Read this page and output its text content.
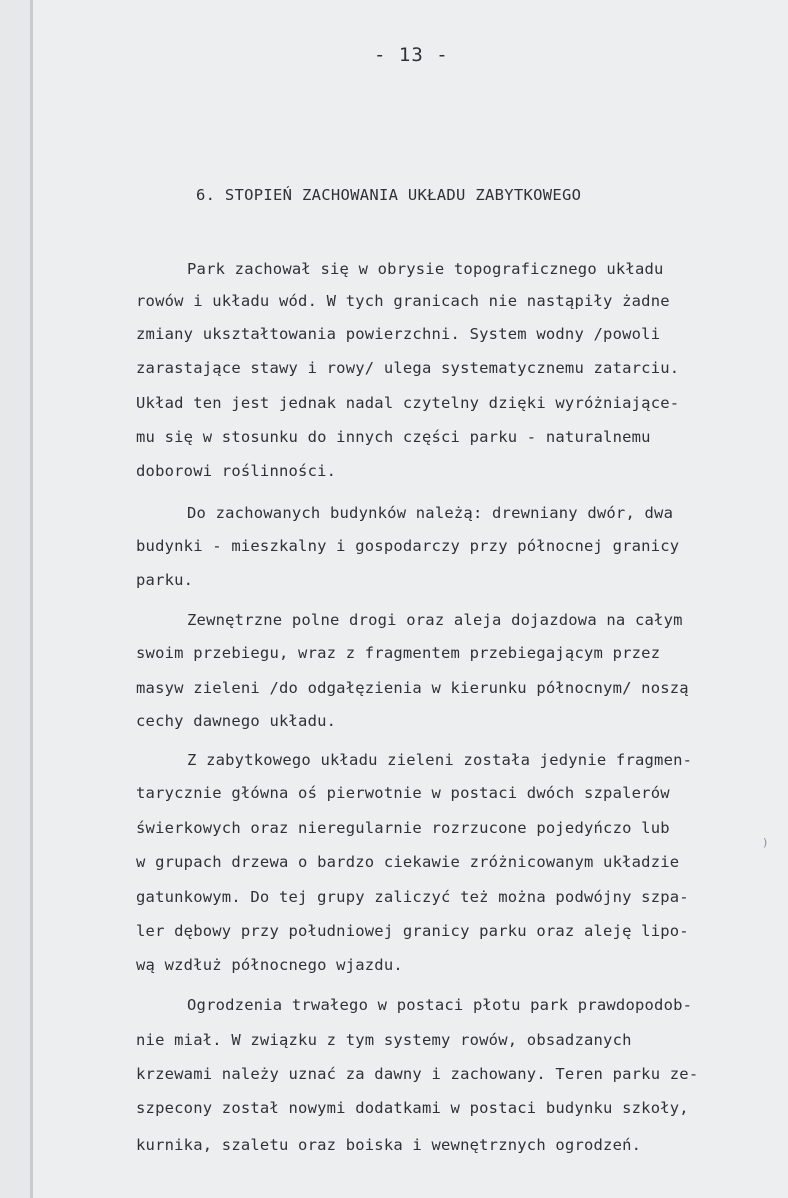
- 13 -
6. STOPIEŃ ZACHOWANIA UKŁADU ZABYTKOWEGO
Park zachował się w obrysie topograficznego układu
rowów i układu wód. W tych granicach nie nastąpiły żadne
zmiany ukształtowania powierzchni. System wodny /powoli
zarastające stawy i rowy/ ulega systematycznemu zatarciu.
Układ ten jest jednak nadal czytelny dzięki wyróżniające-
mu się w stosunku do innych części parku - naturalnemu
doborowi roślinności.
Do zachowanych budynków należą: drewniany dwór, dwa
budynki - mieszkalny i gospodarczy przy północnej granicy
parku.
Zewnętrzne polne drogi oraz aleja dojazdowa na całym
swoim przebiegu, wraz z fragmentem przebiegającym przez
masyw zieleni /do odgałęzienia w kierunku północnym/ noszą
cechy dawnego układu.
Z zabytkowego układu zieleni została jedynie fragmen-
tarycznie główna oś pierwotnie w postaci dwóch szpalerów
świerkowych oraz nieregularnie rozrzucone pojedyńczo lub
w grupach drzewa o bardzo ciekawie zróżnicowanym układzie
gatunkowym. Do tej grupy zaliczyć też można podwójny szpa-
ler dębowy przy południowej granicy parku oraz aleję lipo-
wą wzdłuż północnego wjazdu.
Ogrodzenia trwałego w postaci płotu park prawdopodob-
nie miał. W związku z tym systemy rowów, obsadzanych
krzewami należy uznać za dawny i zachowany. Teren parku ze-
szpecony został nowymi dodatkami w postaci budynku szkoły,
kurnika, szaletu oraz boiska i wewnętrznych ogrodzeń.
)
